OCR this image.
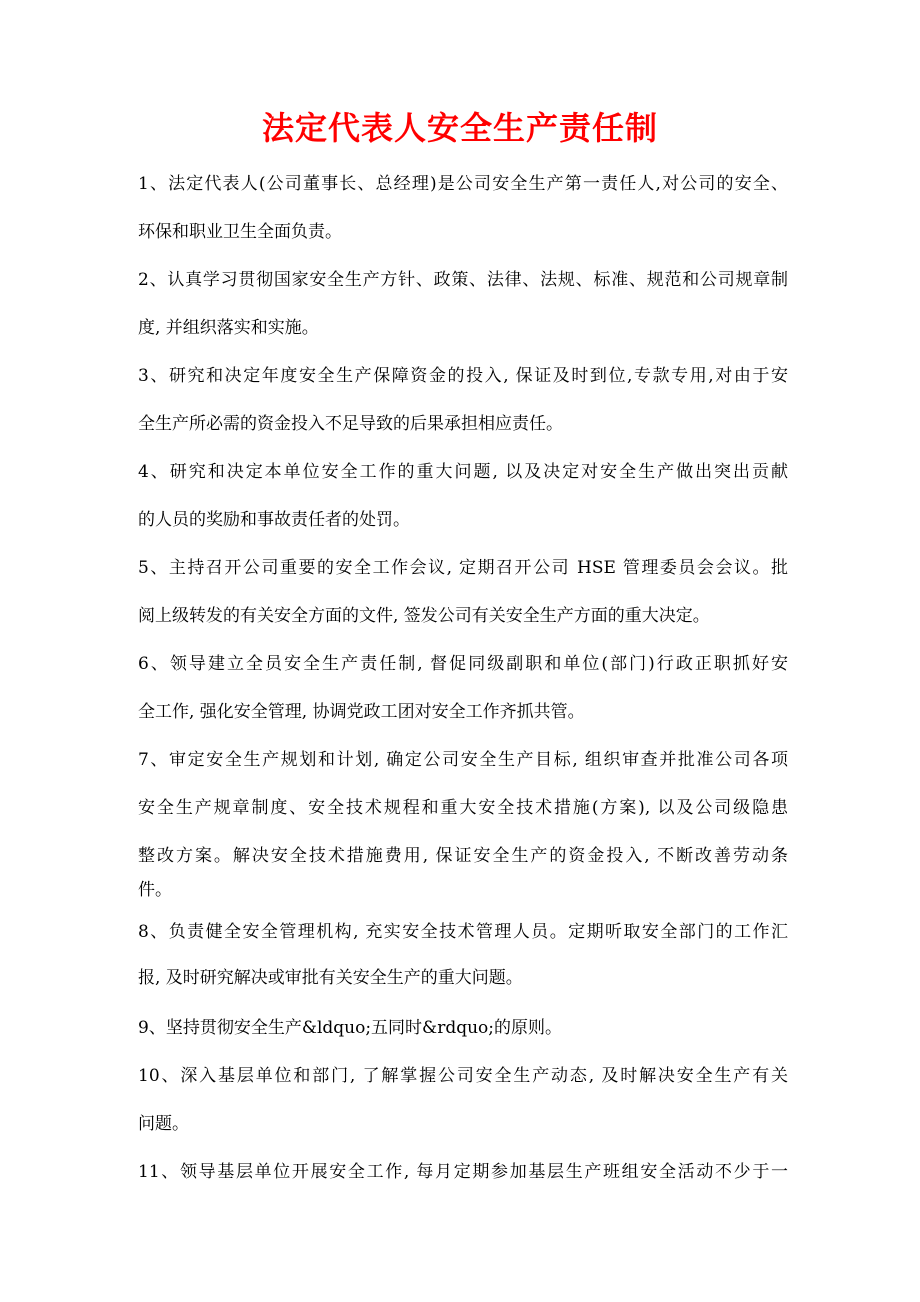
法定代表人安全生产责任制

1、法定代表人(公司董事长、总经理)是公司安全生产第一责任人,对公司的安全、

环保和职业卫生全面负责。

2、认真学习贯彻国家安全生产方针、政策、法律、法规、标准、规范和公司规章制

度, 并组织落实和实施。

3、研究和决定年度安全生产保障资金的投入, 保证及时到位,专款专用,对由于安

全生产所必需的资金投入不足导致的后果承担相应责任。

4、研究和决定本单位安全工作的重大问题, 以及决定对安全生产做出突出贡献

的人员的奖励和事故责任者的处罚。

5、主持召开公司重要的安全工作会议, 定期召开公司 HSE 管理委员会会议。批

阅上级转发的有关安全方面的文件, 签发公司有关安全生产方面的重大决定。

6、领导建立全员安全生产责任制, 督促同级副职和单位(部门)行政正职抓好安

全工作, 强化安全管理, 协调党政工团对安全工作齐抓共管。

7、审定安全生产规划和计划, 确定公司安全生产目标, 组织审查并批准公司各项

安全生产规章制度、安全技术规程和重大安全技术措施(方案), 以及公司级隐患

整改方案。解决安全技术措施费用, 保证安全生产的资金投入, 不断改善劳动条

件。

8、负责健全安全管理机构, 充实安全技术管理人员。定期听取安全部门的工作汇

报, 及时研究解决或审批有关安全生产的重大问题。

9、坚持贯彻安全生产&ldquo;五同时&rdquo;的原则。

10、深入基层单位和部门, 了解掌握公司安全生产动态, 及时解决安全生产有关

问题。

11、领导基层单位开展安全工作, 每月定期参加基层生产班组安全活动不少于一
